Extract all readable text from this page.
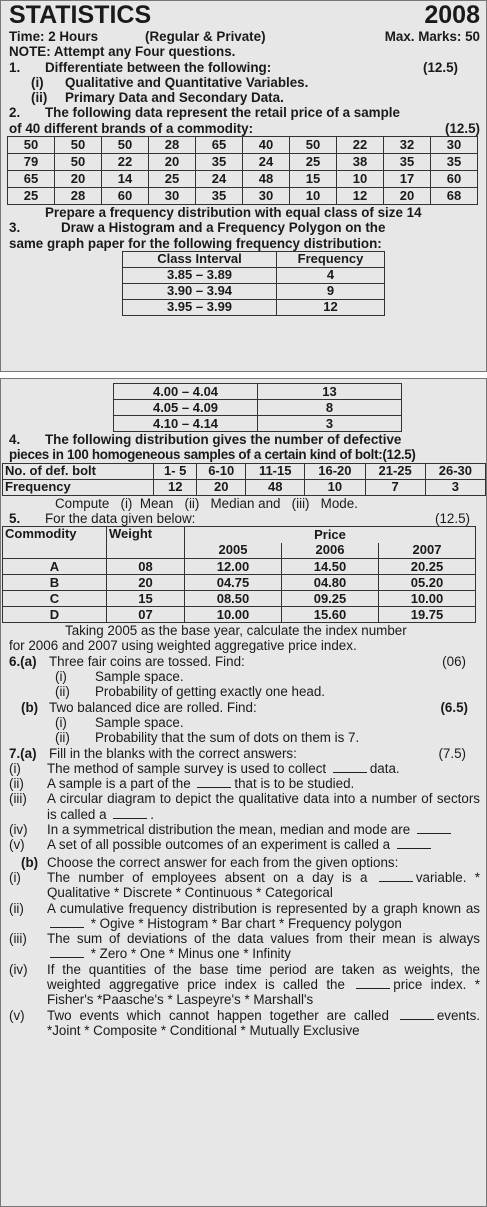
STATISTICS	2008
Time: 2 Hours	(Regular & Private)	Max. Marks: 50
NOTE: Attempt any Four questions.
1.	Differentiate between the following:	(12.5)
(i)	Qualitative and Quantitative Variables.
(ii)	Primary Data and Secondary Data.
2.	The following data represent the retail price of a sample
of 40 different brands of a commodity:	(12.5)
50	50	50	28	65	40	50	22	32	30
79	50	22	20	35	24	25	38	35	35
65	20	14	25	24	48	15	10	17	60
25	28	60	30	35	30	10	12	20	68
Prepare a frequency distribution with equal class of size 14
3.	Draw a Histogram and a Frequency Polygon on the
same graph paper for the following frequency distribution:
Class Interval	Frequency
3.85 – 3.89	4
3.90 – 3.94	9
3.95 – 3.99	12
4.00 – 4.04	13
4.05 – 4.09	8
4.10 – 4.14	3
4.	The following distribution gives the number of defective
pieces in 100 homogeneous samples of a certain kind of bolt:(12.5)
No. of def. bolt	1- 5	6-10	11-15	16-20	21-25	26-30
Frequency	12	20	48	10	7	3
Compute   (i)  Mean   (ii)   Median and   (iii)   Mode.
5.	For the data given below:	(12.5)
Commodity	Weight	Price		
		2005	2006	2007
A	08	12.00	14.50	20.25
B	20	04.75	04.80	05.20
C	15	08.50	09.25	10.00
D	07	10.00	15.60	19.75
Taking 2005 as the base year, calculate the index number
for 2006 and 2007 using weighted aggregative price index.
6.(a) Three fair coins are tossed. Find:	(06)
(i)	Sample space.
(ii)	Probability of getting exactly one head.
(b) Two balanced dice are rolled. Find:	(6.5)
(i)	Sample space.
(ii)	Probability that the sum of dots on them is 7.
7.(a) Fill in the blanks with the correct answers:	(7.5)
(i)	The method of sample survey is used to collect	data.
(ii)	A sample is a part of the	that is to be studied.
(iii)	A circular diagram to depict the qualitative data into a number of sectors is called a	.
(iv)	In a symmetrical distribution the mean, median and mode are
(v)	A set of all possible outcomes of an experiment is called a
(b) Choose the correct answer for each from the given options:
(i)	The number of employees absent on a day is a	variable. * Qualitative * Discrete * Continuous * Categorical
(ii)	A cumulative frequency distribution is represented by a graph known as  * Ogive * Histogram * Bar chart * Frequency polygon
(iii)	The sum of deviations of the data values from their mean is always  * Zero * One * Minus one * Infinity
(iv)	If the quantities of the base time period are taken as weights, the weighted aggregative price index is called the	price index. * Fisher's *Paasche's * Laspeyre's * Marshall's
(v)	Two events which cannot happen together are called	events. *Joint * Composite * Conditional * Mutually Exclusive
